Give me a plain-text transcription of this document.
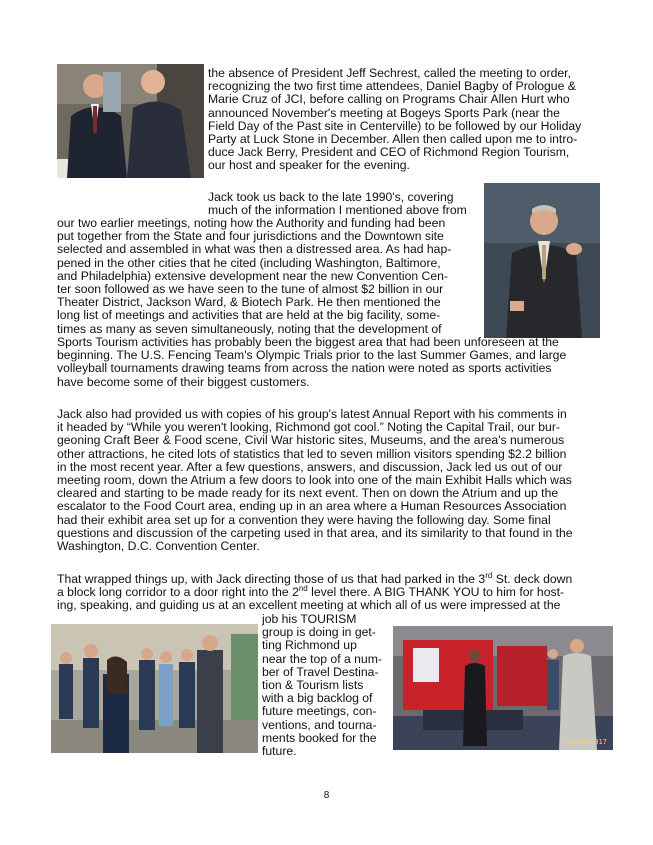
the absence of President Jeff Sechrest, called the meeting to order,
recognizing the two first time attendees, Daniel Bagby of Prologue &
Marie Cruz of JCI, before calling on Programs Chair Allen Hurt who
announced November's meeting at Bogeys Sports Park (near the
Field Day of the Past site in Centerville) to be followed by our Holiday
Party at Luck Stone in December. Allen then called upon me to intro-
duce Jack Berry, President and CEO of Richmond Region Tourism,
our host and speaker for the evening.
Jack took us back to the late 1990's, covering
much of the information I mentioned above from
our two earlier meetings, noting how the Authority and funding had been
put together from the State and four jurisdictions and the Downtown site
selected and assembled in what was then a distressed area. As had hap-
pened in the other cities that he cited (including Washington, Baltimore,
and Philadelphia) extensive development near the new Convention Cen-
ter soon followed as we have seen to the tune of almost $2 billion in our
Theater District, Jackson Ward, & Biotech Park. He then mentioned the
long list of meetings and activities that are held at the big facility, some-
times as many as seven simultaneously, noting that the development of
Sports Tourism activities has probably been the biggest area that had been unforeseen at the
beginning. The U.S. Fencing Team's Olympic Trials prior to the last Summer Games, and large
volleyball tournaments drawing teams from across the nation were noted as sports activities
have become some of their biggest customers.
Jack also had provided us with copies of his group's latest Annual Report with his comments in
it headed by “While you weren't looking, Richmond got cool.” Noting the Capital Trail, our bur-
geoning Craft Beer & Food scene, Civil War historic sites, Museums, and the area's numerous
other attractions, he cited lots of statistics that led to seven million visitors spending $2.2 billion
in the most recent year. After a few questions, answers, and discussion, Jack led us out of our
meeting room, down the Atrium a few doors to look into one of the main Exhibit Halls which was
cleared and starting to be made ready for its next event. Then on down the Atrium and up the
escalator to the Food Court area, ending up in an area where a Human Resources Association
had their exhibit area set up for a convention they were having the following day. Some final
questions and discussion of the carpeting used in that area, and its similarity to that found in the
Washington, D.C. Convention Center.
That wrapped things up, with Jack directing those of us that had parked in the 3rd St. deck down
a block long corridor to a door right into the 2nd level there. A BIG THANK YOU to him for host-
ing, speaking, and guiding us at an excellent meeting at which all of us were impressed at the
job his TOURISM
group is doing in get-
ting Richmond up
near the top of a num-
ber of Travel Destina-
tion & Tourism lists
with a big backlog of
future meetings, con-
ventions, and tourna-
ments booked for the
future.
10/10/2017
8
